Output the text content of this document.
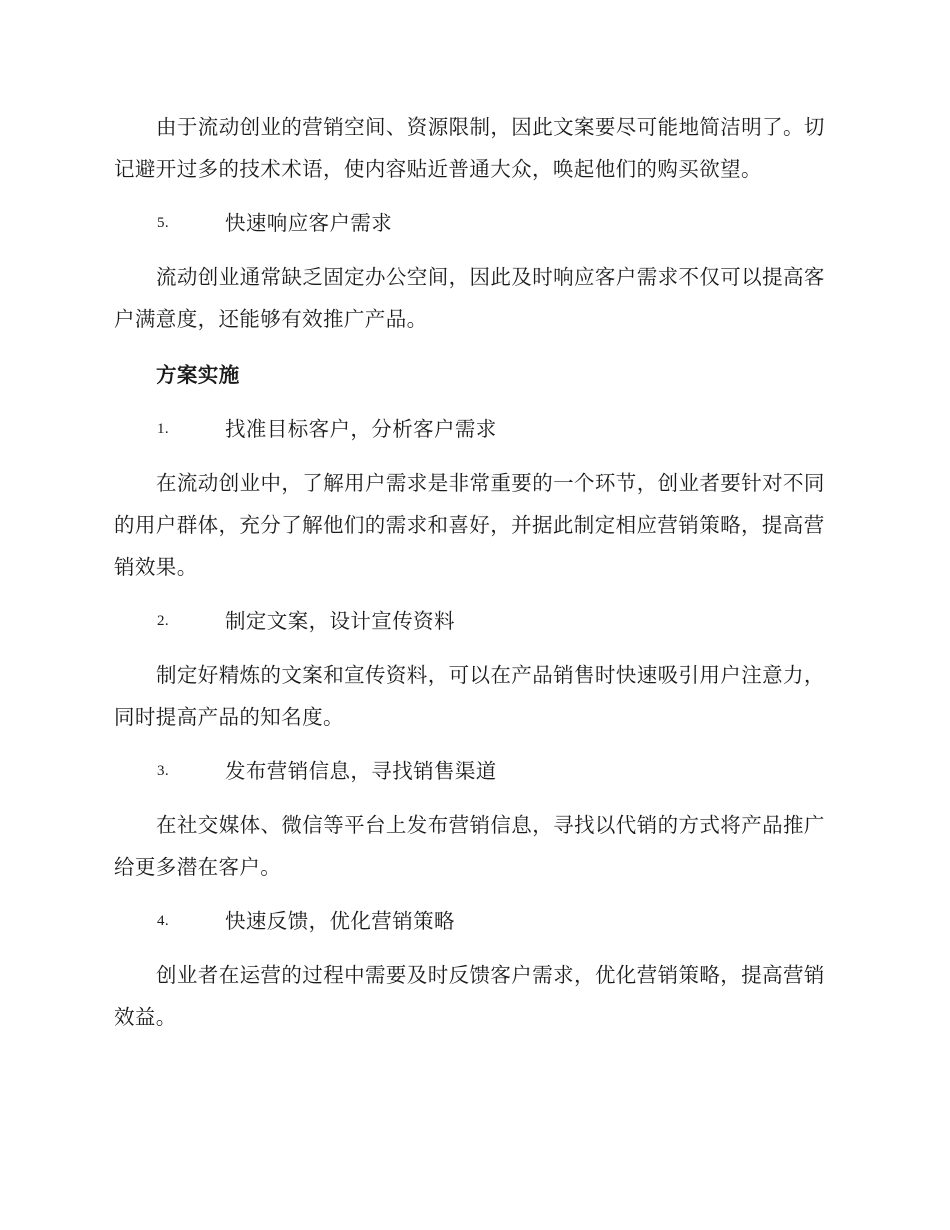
由于流动创业的营销空间、资源限制，因此文案要尽可能地简洁明了。切记避开过多的技术术语，使内容贴近普通大众，唤起他们的购买欲望。

5.	快速响应客户需求

流动创业通常缺乏固定办公空间，因此及时响应客户需求不仅可以提高客户满意度，还能够有效推广产品。

方案实施
1.	找准目标客户，分析客户需求

在流动创业中，了解用户需求是非常重要的一个环节，创业者要针对不同的用户群体，充分了解他们的需求和喜好，并据此制定相应营销策略，提高营销效果。

2.	制定文案，设计宣传资料

制定好精炼的文案和宣传资料，可以在产品销售时快速吸引用户注意力，同时提高产品的知名度。

3.	发布营销信息，寻找销售渠道

在社交媒体、微信等平台上发布营销信息，寻找以代销的方式将产品推广给更多潜在客户。

4.	快速反馈，优化营销策略

创业者在运营的过程中需要及时反馈客户需求，优化营销策略，提高营销效益。
